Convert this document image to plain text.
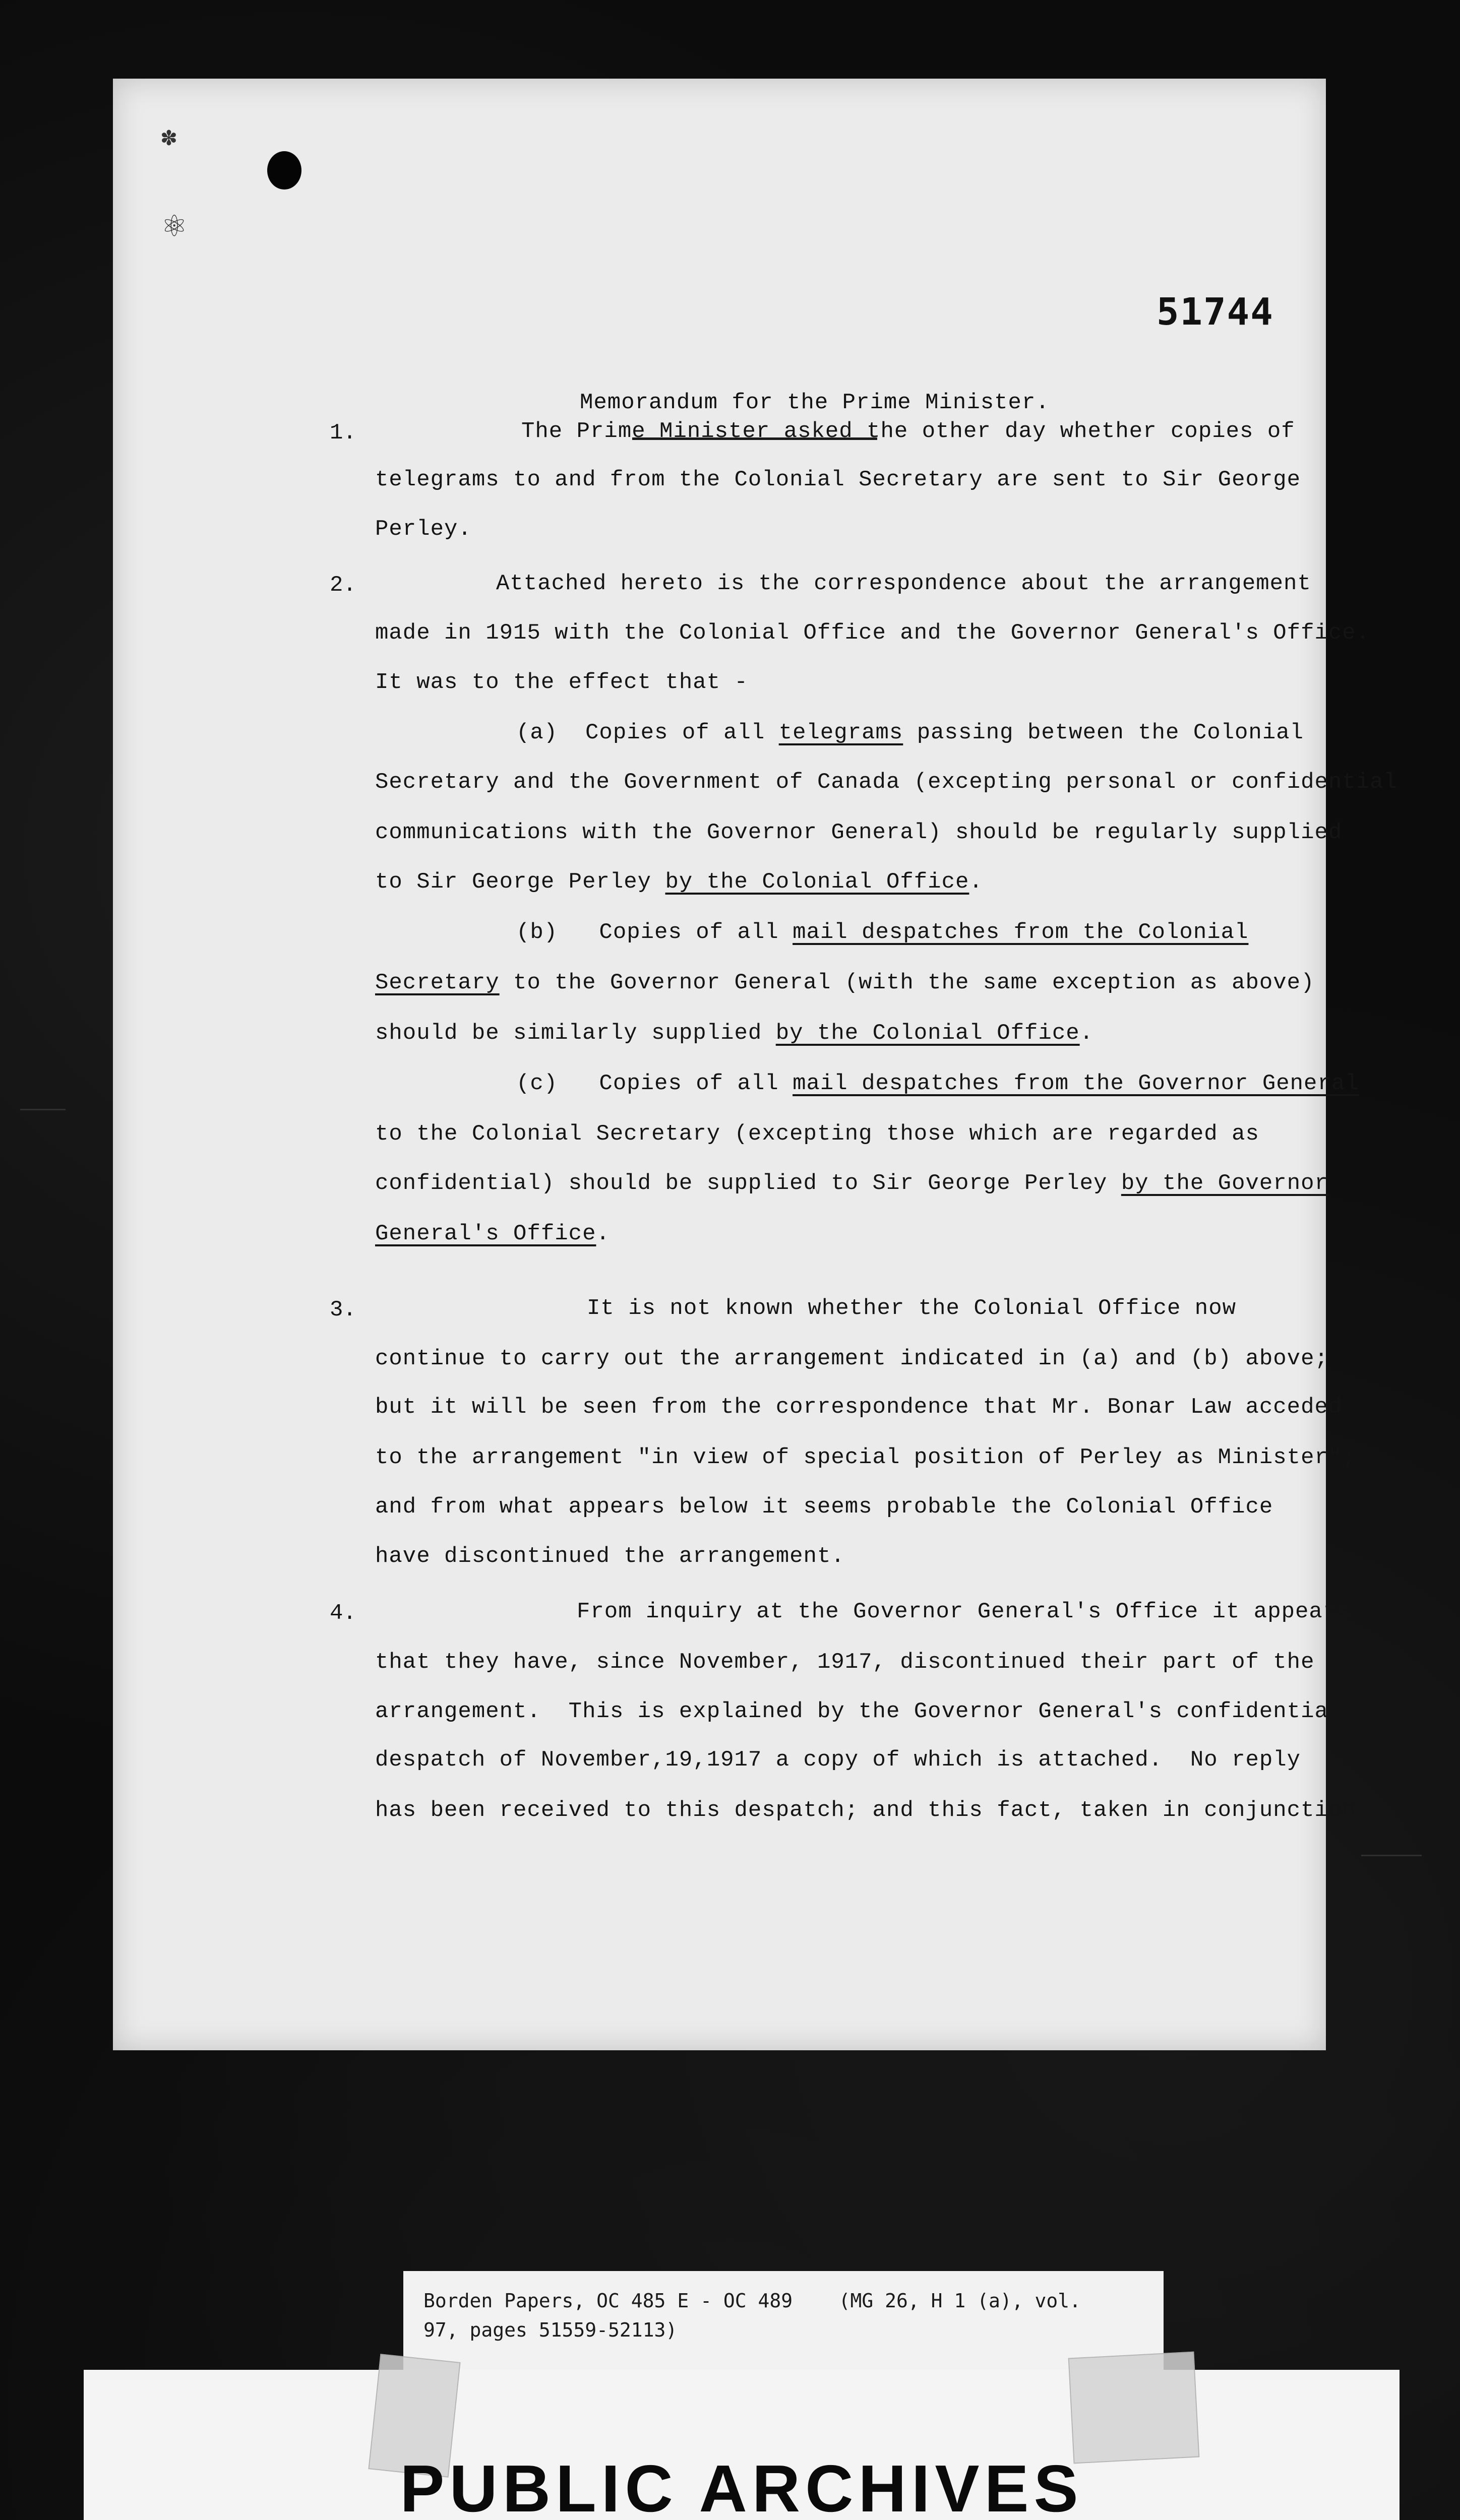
✽
⚛
51744
Memorandum for the Prime Minister.
1.	The Prime Minister asked the other day whether copies of
telegrams to and from the Colonial Secretary are sent to Sir George
Perley.
2.	Attached hereto is the correspondence about the arrangement
made in 1915 with the Colonial Office and the Governor General's Office.
It was to the effect that -
(a)  Copies of all telegrams passing between the Colonial
Secretary and the Government of Canada (excepting personal or confidential
communications with the Governor General) should be regularly supplied
to Sir George Perley by the Colonial Office.
(b)   Copies of all mail despatches from the Colonial
Secretary to the Governor General (with the same exception as above)
should be similarly supplied by the Colonial Office.
(c)   Copies of all mail despatches from the Governor General
to the Colonial Secretary (excepting those which are regarded as
confidential) should be supplied to Sir George Perley by the Governor
General's Office.
3.	It is not known whether the Colonial Office now
continue to carry out the arrangement indicated in (a) and (b) above;
but it will be seen from the correspondence that Mr. Bonar Law acceded
to the arrangement "in view of special position of Perley as Minister";
and from what appears below it seems probable the Colonial Office
have discontinued the arrangement.
4.	From inquiry at the Governor General's Office it appears
that they have, since November, 1917, discontinued their part of the
arrangement.  This is explained by the Governor General's confidential
despatch of November,19,1917 a copy of which is attached.  No reply
has been received to this despatch; and this fact, taken in conjunction
Borden Papers, OC 485 E - OC 489    (MG 26, H 1 (a), vol.
97, pages 51559-52113)
PUBLIC ARCHIVES
